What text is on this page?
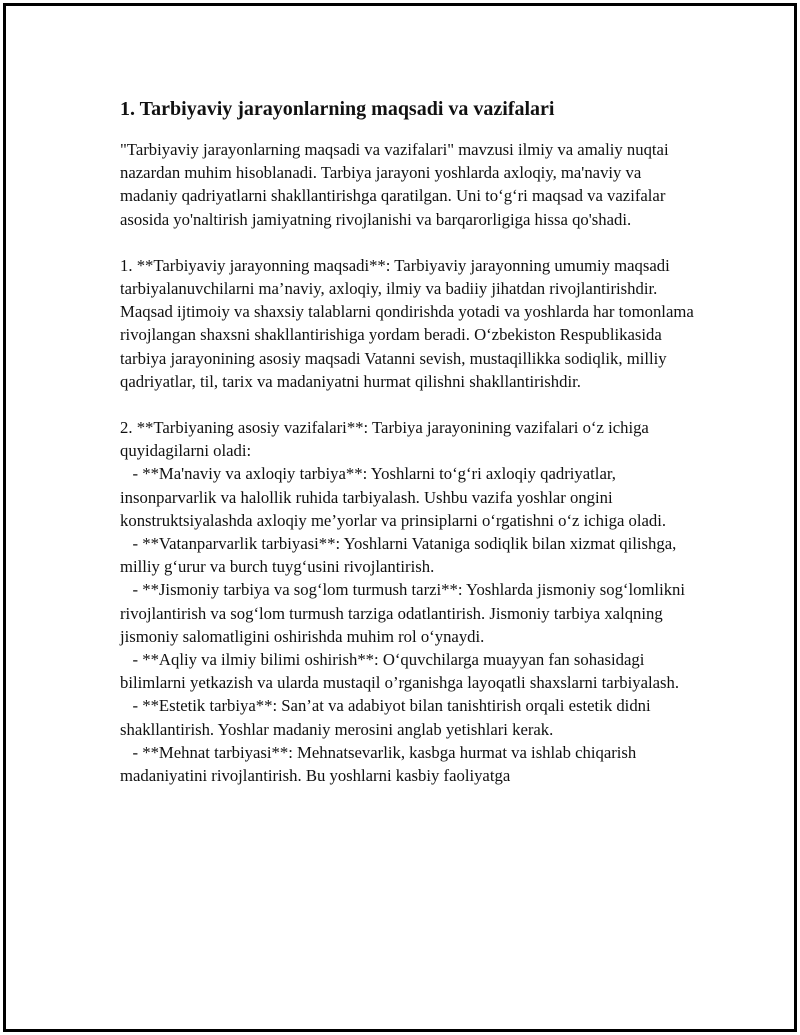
1. Tarbiyaviy jarayonlarning maqsadi va vazifalari

"Tarbiyaviy jarayonlarning maqsadi va vazifalari" mavzusi ilmiy va amaliy nuqtai nazardan muhim hisoblanadi. Tarbiya jarayoni yoshlarda axloqiy, ma'naviy va madaniy qadriyatlarni shakllantirishga qaratilgan. Uni toʻgʻri maqsad va vazifalar asosida yo'naltirish jamiyatning rivojlanishi va barqarorligiga hissa qo'shadi.

1. **Tarbiyaviy jarayonning maqsadi**: Tarbiyaviy jarayonning umumiy maqsadi tarbiyalanuvchilarni ma’naviy, axloqiy, ilmiy va badiiy jihatdan rivojlantirishdir. Maqsad ijtimoiy va shaxsiy talablarni qondirishda yotadi va yoshlarda har tomonlama rivojlangan shaxsni shakllantirishiga yordam beradi. Oʻzbekiston Respublikasida tarbiya jarayonining asosiy maqsadi Vatanni sevish, mustaqillikka sodiqlik, milliy qadriyatlar, til, tarix va madaniyatni hurmat qilishni shakllantirishdir.

2. **Tarbiyaning asosiy vazifalari**: Tarbiya jarayonining vazifalari oʻz ichiga quyidagilarni oladi:

- **Ma'naviy va axloqiy tarbiya**: Yoshlarni toʻgʻri axloqiy qadriyatlar, insonparvarlik va halollik ruhida tarbiyalash. Ushbu vazifa yoshlar ongini konstruktsiyalashda axloqiy me’yorlar va prinsiplarni oʻrgatishni oʻz ichiga oladi.

- **Vatanparvarlik tarbiyasi**: Yoshlarni Vataniga sodiqlik bilan xizmat qilishga, milliy gʻurur va burch tuygʻusini rivojlantirish.

- **Jismoniy tarbiya va sogʻlom turmush tarzi**: Yoshlarda jismoniy sogʻlomlikni rivojlantirish va sogʻlom turmush tarziga odatlantirish. Jismoniy tarbiya xalqning jismoniy salomatligini oshirishda muhim rol oʻynaydi.

- **Aqliy va ilmiy bilimi oshirish**: Oʻquvchilarga muayyan fan sohasidagi bilimlarni yetkazish va ularda mustaqil o’rganishga layoqatli shaxslarni tarbiyalash.

- **Estetik tarbiya**: San’at va adabiyot bilan tanishtirish orqali estetik didni shakllantirish. Yoshlar madaniy merosini anglab yetishlari kerak.

- **Mehnat tarbiyasi**: Mehnatsevarlik, kasbga hurmat va ishlab chiqarish madaniyatini rivojlantirish. Bu yoshlarni kasbiy faoliyatga
